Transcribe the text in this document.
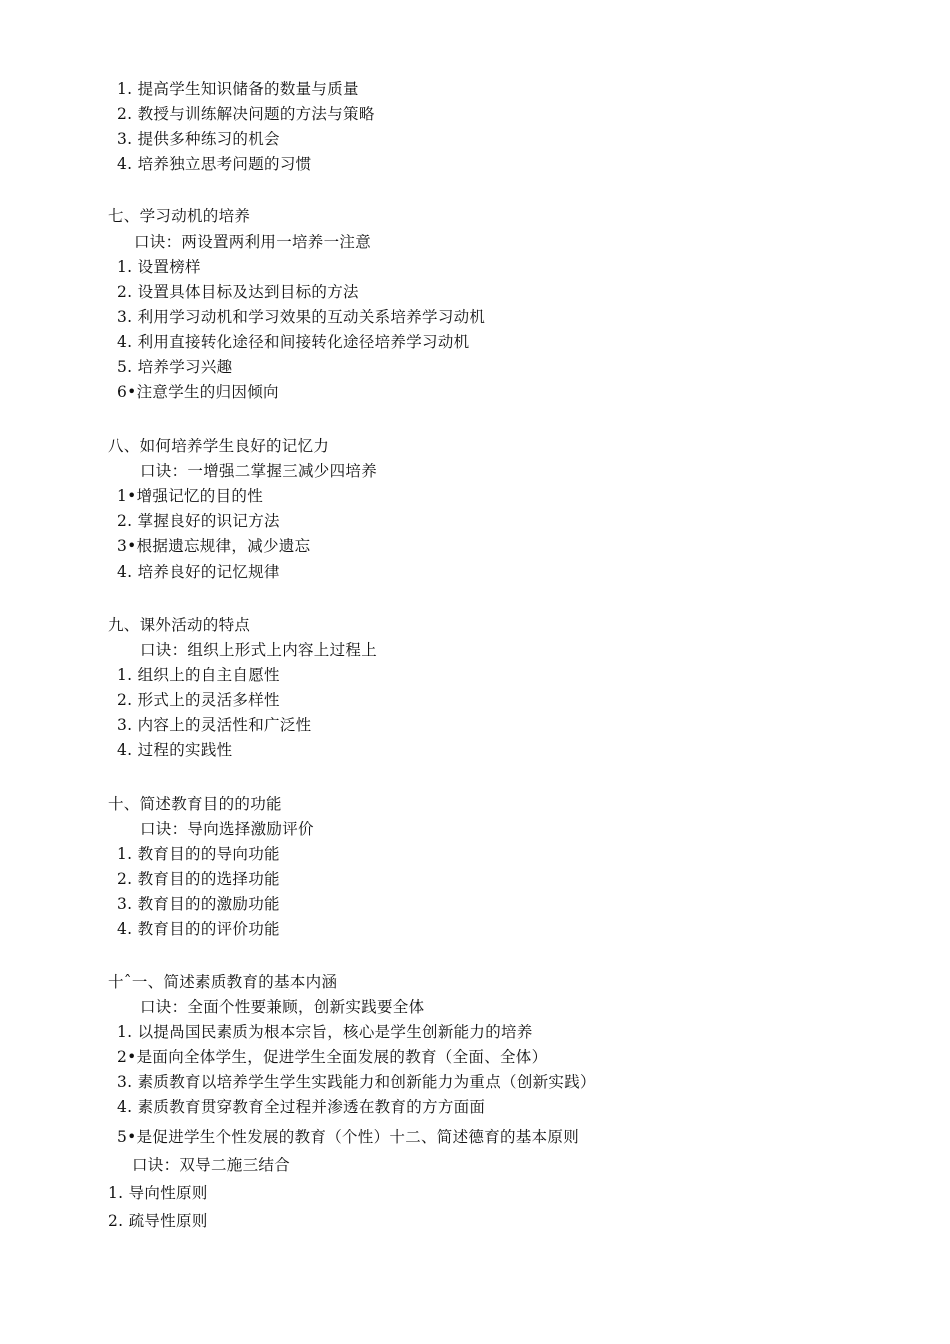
1. 提高学生知识储备的数量与质量
2. 教授与训练解决问题的方法与策略
3. 提供多种练习的机会
4. 培养独立思考问题的习惯
七、学习动机的培养
口诀：两设置两利用一培养一注意
1. 设置榜样
2. 设置具体目标及达到目标的方法
3. 利用学习动机和学习效果的互动关系培养学习动机
4. 利用直接转化途径和间接转化途径培养学习动机
5. 培养学习兴趣
6•注意学生的归因倾向
八、如何培养学生良好的记忆力
口诀：一增强二掌握三减少四培养
1•增强记忆的目的性
2. 掌握良好的识记方法
3•根据遗忘规律，减少遗忘
4. 培养良好的记忆规律
九、课外活动的特点
口诀：组织上形式上内容上过程上
1. 组织上的自主自愿性
2. 形式上的灵活多样性
3. 内容上的灵活性和广泛性
4. 过程的实践性
十、简述教育目的的功能
口诀：导向选择激励评价
1. 教育目的的导向功能
2. 教育目的的选择功能
3. 教育目的的激励功能
4. 教育目的的评价功能
十ˆ一、简述素质教育的基本内涵
口诀：全面个性要兼顾，创新实践要全体
1. 以提咼国民素质为根本宗旨，核心是学生创新能力的培养
2•是面向全体学生，促进学生全面发展的教育（全面、全体）
3. 素质教育以培养学生学生实践能力和创新能力为重点（创新实践）
4. 素质教育贯穿教育全过程并渗透在教育的方方面面
5•是促进学生个性发展的教育（个性）十二、简述德育的基本原则
口诀：双导二施三结合
1. 导向性原则
2. 疏导性原则
